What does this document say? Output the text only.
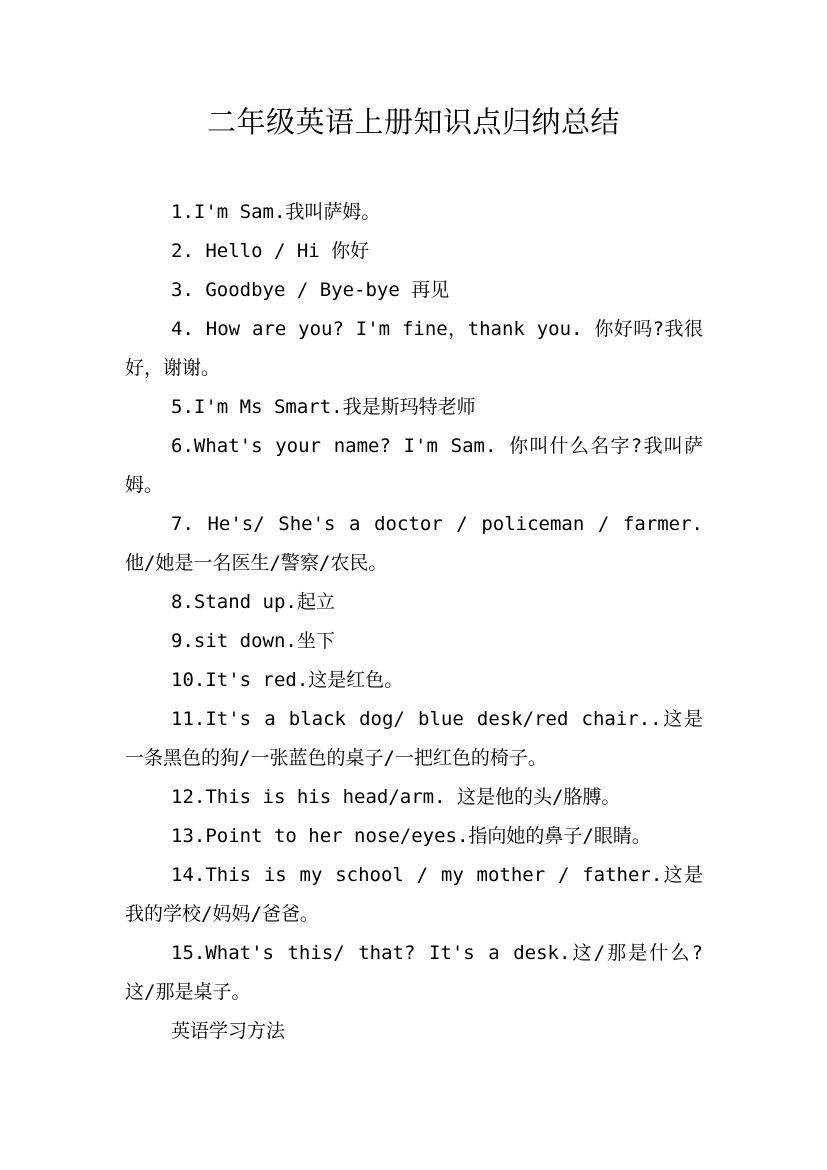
二年级英语上册知识点归纳总结

1.I'm Sam.我叫萨姆。

2. Hello / Hi 你好

3. Goodbye / Bye-bye 再见

4. How are you? I'm fine，thank you. 你好吗?我很好，谢谢。

5.I'm Ms Smart.我是斯玛特老师

6.What's your name? I'm Sam. 你叫什么名字?我叫萨姆。

7. He's/ She's a doctor / policeman / farmer.他/她是一名医生/警察/农民。

8.Stand up.起立

9.sit down.坐下

10.It's red.这是红色。

11.It's a black dog/ blue desk/red chair..这是一条黑色的狗/一张蓝色的桌子/一把红色的椅子。

12.This is his head/arm. 这是他的头/胳膊。

13.Point to her nose/eyes.指向她的鼻子/眼睛。

14.This is my school / my mother / father.这是我的学校/妈妈/爸爸。

15.What's this/ that? It's a desk.这/那是什么?这/那是桌子。

英语学习方法
